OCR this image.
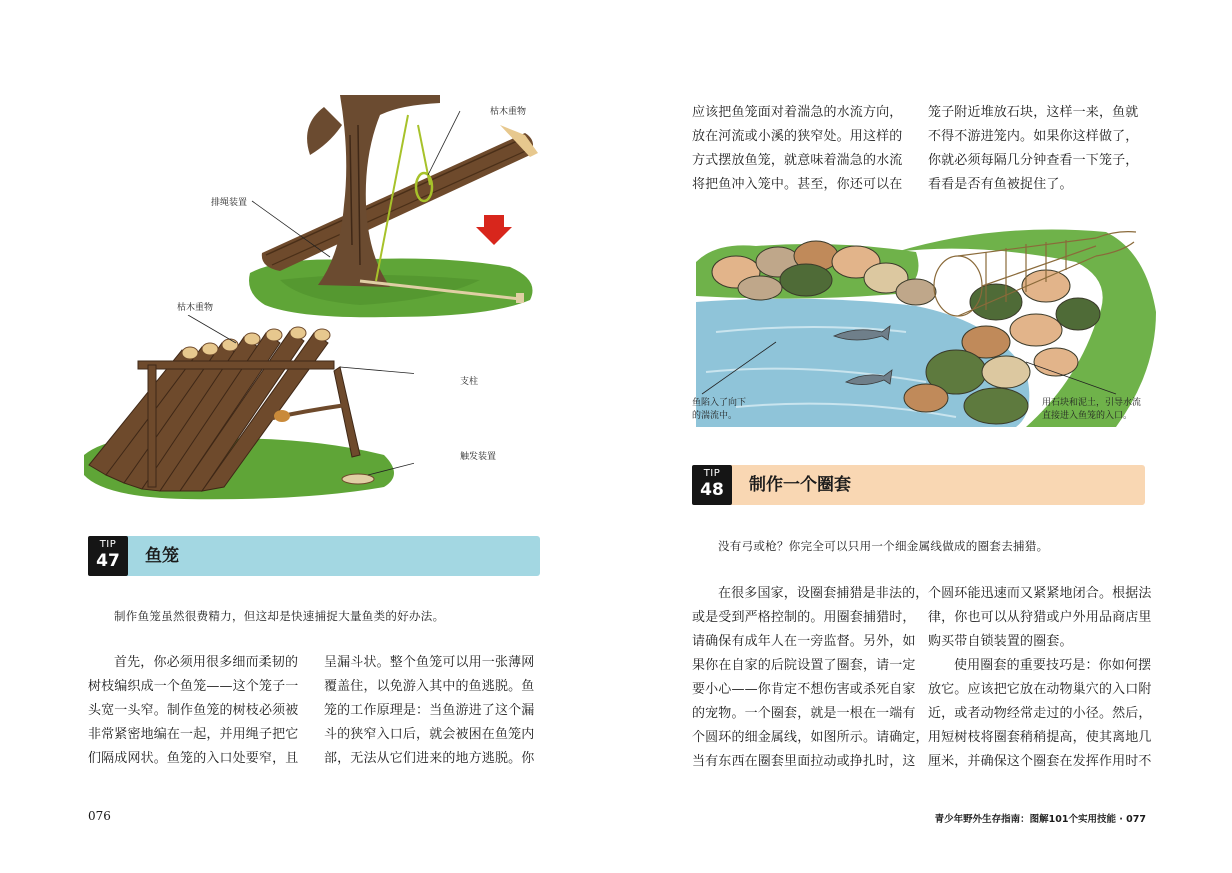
枯木重物
排绳装置
枯木重物
支柱
触发装置
TIP
47	鱼笼
制作鱼笼虽然很费精力，但这却是快速捕捉大量鱼类的好办法。

首先，你必须用很多细而柔韧的

树枝编织成一个鱼笼——这个笼子一

头宽一头窄。制作鱼笼的树枝必须被

非常紧密地编在一起，并用绳子把它

们隔成网状。鱼笼的入口处要窄，且

呈漏斗状。整个鱼笼可以用一张薄网

覆盖住，以免游入其中的鱼逃脱。鱼

笼的工作原理是：当鱼游进了这个漏

斗的狭窄入口后，就会被困在鱼笼内

部，无法从它们进来的地方逃脱。你

076

应该把鱼笼面对着湍急的水流方向，

放在河流或小溪的狭窄处。用这样的

方式摆放鱼笼，就意味着湍急的水流

将把鱼冲入笼中。甚至，你还可以在

笼子附近堆放石块，这样一来，鱼就

不得不游进笼内。如果你这样做了，

你就必须每隔几分钟查看一下笼子，

看看是否有鱼被捉住了。

鱼陷入了向下
的湍流中。
用石块和泥土，引导水流
直接进入鱼笼的入口。
TIP
48	制作一个圈套
没有弓或枪？你完全可以只用一个细金属线做成的圈套去捕猎。

在很多国家，设圈套捕猎是非法的，

或是受到严格控制的。用圈套捕猎时，

请确保有成年人在一旁监督。另外，如

果你在自家的后院设置了圈套，请一定

要小心——你肯定不想伤害或杀死自家

的宠物。一个圈套，就是一根在一端有

个圆环的细金属线，如图所示。请确定，

当有东西在圈套里面拉动或挣扎时，这

个圆环能迅速而又紧紧地闭合。根据法

律，你也可以从狩猎或户外用品商店里

购买带自锁装置的圈套。

使用圈套的重要技巧是：你如何摆

放它。应该把它放在动物巢穴的入口附

近，或者动物经常走过的小径。然后，

用短树枝将圈套稍稍提高，使其离地几

厘米，并确保这个圈套在发挥作用时不

青少年野外生存指南：图解101个实用技能 · 077
